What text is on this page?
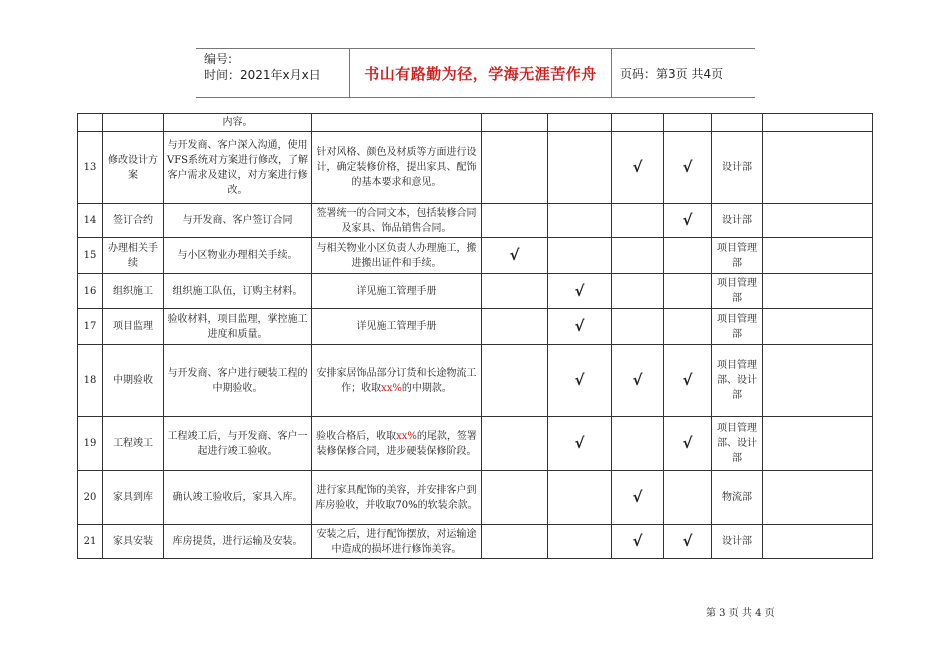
编号:
时间：2021年x月x日	书山有路勤为径，学海无涯苦作舟	页码：第3页 共4页
		内容。							
13	修改设计方案	与开发商、客户深入沟通，使用VFS系统对方案进行修改，了解客户需求及建议，对方案进行修改。	针对风格、颜色及材质等方面进行设计，确定装修价格，提出家具、配饰的基本要求和意见。			√	√	设计部	
14	签订合约	与开发商、客户签订合同	签署统一的合同文本，包括装修合同及家具、饰品销售合同。				√	设计部	
15	办理相关手续	与小区物业办理相关手续。	与相关物业小区负责人办理施工，搬进搬出证件和手续。	√				项目管理部	
16	组织施工	组织施工队伍，订购主材料。	详见施工管理手册		√			项目管理部	
17	项目监理	验收材料，项目监理，掌控施工进度和质量。	详见施工管理手册		√			项目管理部	
18	中期验收	与开发商、客户进行硬装工程的中期验收。	安排家居饰品部分订货和长途物流工作；收取xx%的中期款。		√	√	√	项目管理部、设计部	
19	工程竣工	工程竣工后，与开发商、客户一起进行竣工验收。	验收合格后，收取xx%的尾款，签署装修保修合同，进步硬装保修阶段。		√		√	项目管理部、设计部	
20	家具到库	确认竣工验收后，家具入库。	进行家具配饰的美容，并安排客户到库房验收，并收取70%的软装余款。			√		物流部	
21	家具安装	库房提货，进行运输及安装。	安装之后，进行配饰摆放，对运输途中造成的损坏进行修饰美容。			√	√	设计部	
第 3 页 共 4 页
